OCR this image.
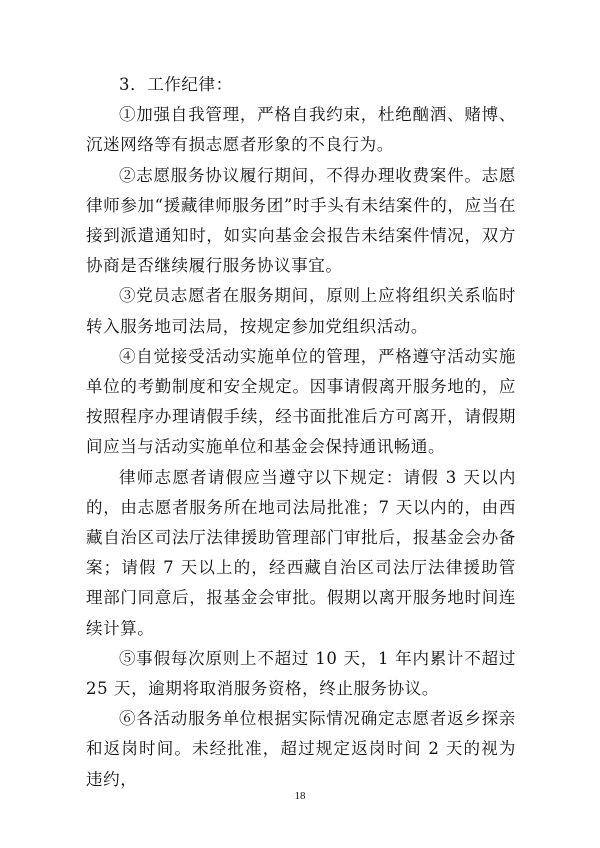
3．工作纪律：

①加强自我管理，严格自我约束，杜绝酗酒、赌博、沉迷网络等有损志愿者形象的不良行为。

②志愿服务协议履行期间，不得办理收费案件。志愿律师参加“援藏律师服务团”时手头有未结案件的，应当在接到派遣通知时，如实向基金会报告未结案件情况，双方协商是否继续履行服务协议事宜。

③党员志愿者在服务期间，原则上应将组织关系临时转入服务地司法局，按规定参加党组织活动。

④自觉接受活动实施单位的管理，严格遵守活动实施单位的考勤制度和安全规定。因事请假离开服务地的，应按照程序办理请假手续，经书面批准后方可离开，请假期间应当与活动实施单位和基金会保持通讯畅通。

律师志愿者请假应当遵守以下规定：请假 3 天以内的，由志愿者服务所在地司法局批准；7 天以内的，由西藏自治区司法厅法律援助管理部门审批后，报基金会办备案；请假 7 天以上的，经西藏自治区司法厅法律援助管理部门同意后，报基金会审批。假期以离开服务地时间连续计算。

⑤事假每次原则上不超过 10 天，1 年内累计不超过 25 天，逾期将取消服务资格，终止服务协议。

⑥各活动服务单位根据实际情况确定志愿者返乡探亲和返岗时间。未经批准，超过规定返岗时间 2 天的视为违约，

18
